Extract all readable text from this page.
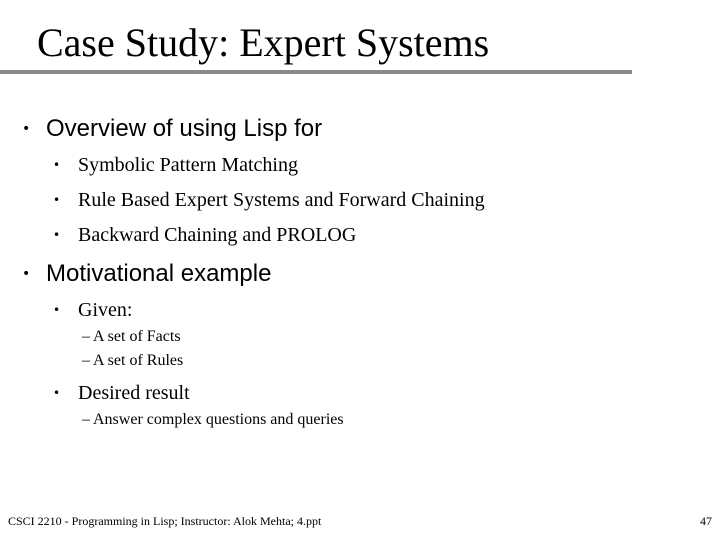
Case Study: Expert Systems
• Overview of using Lisp for
• Symbolic Pattern Matching
• Rule Based Expert Systems and Forward Chaining
• Backward Chaining and PROLOG
• Motivational example
• Given:
– A set of Facts
– A set of Rules
• Desired result
– Answer complex questions and queries
CSCI 2210 - Programming in Lisp; Instructor: Alok Mehta; 4.ppt	47
